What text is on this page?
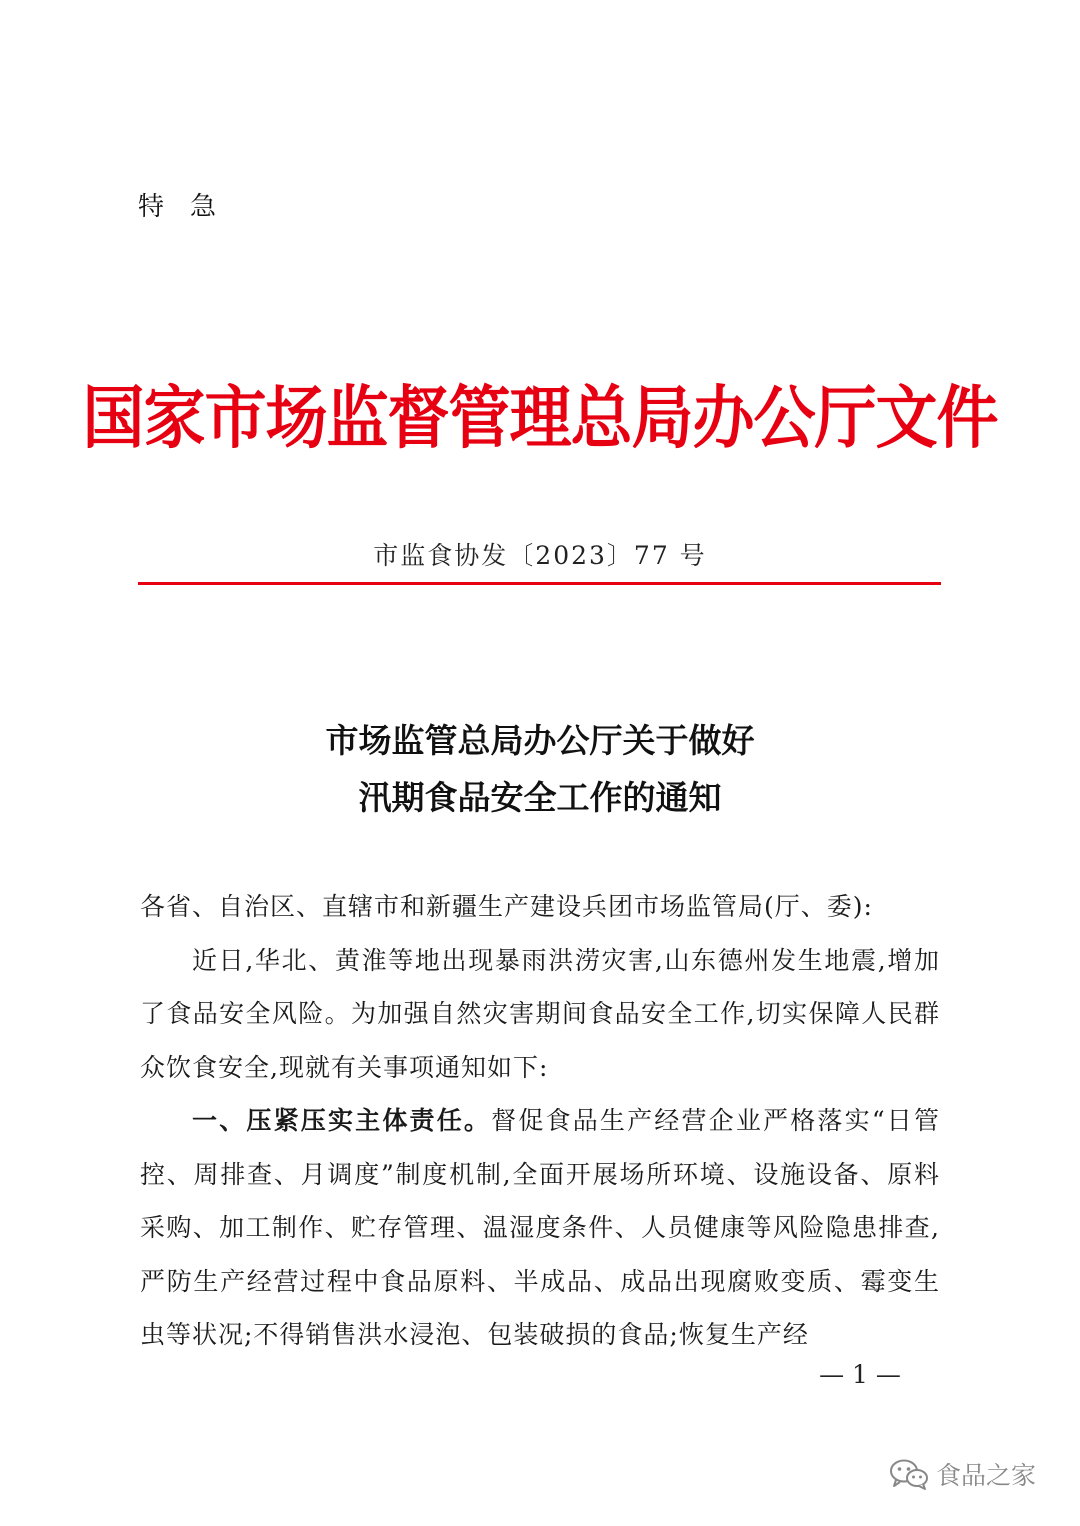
特急
国家市场监督管理总局办公厅文件
市监食协发〔2023〕77 号
市场监管总局办公厅关于做好
汛期食品安全工作的通知

各省、自治区、直辖市和新疆生产建设兵团市场监管局(厅、委):

近日,华北、黄淮等地出现暴雨洪涝灾害,山东德州发生地震,增加了食品安全风险。为加强自然灾害期间食品安全工作,切实保障人民群众饮食安全,现就有关事项通知如下:

一、压紧压实主体责任。督促食品生产经营企业严格落实“日管控、周排查、月调度”制度机制,全面开展场所环境、设施设备、原料采购、加工制作、贮存管理、温湿度条件、人员健康等风险隐患排查,严防生产经营过程中食品原料、半成品、成品出现腐败变质、霉变生虫等状况;不得销售洪水浸泡、包装破损的食品;恢复生产经

— 1 —
食品之家
